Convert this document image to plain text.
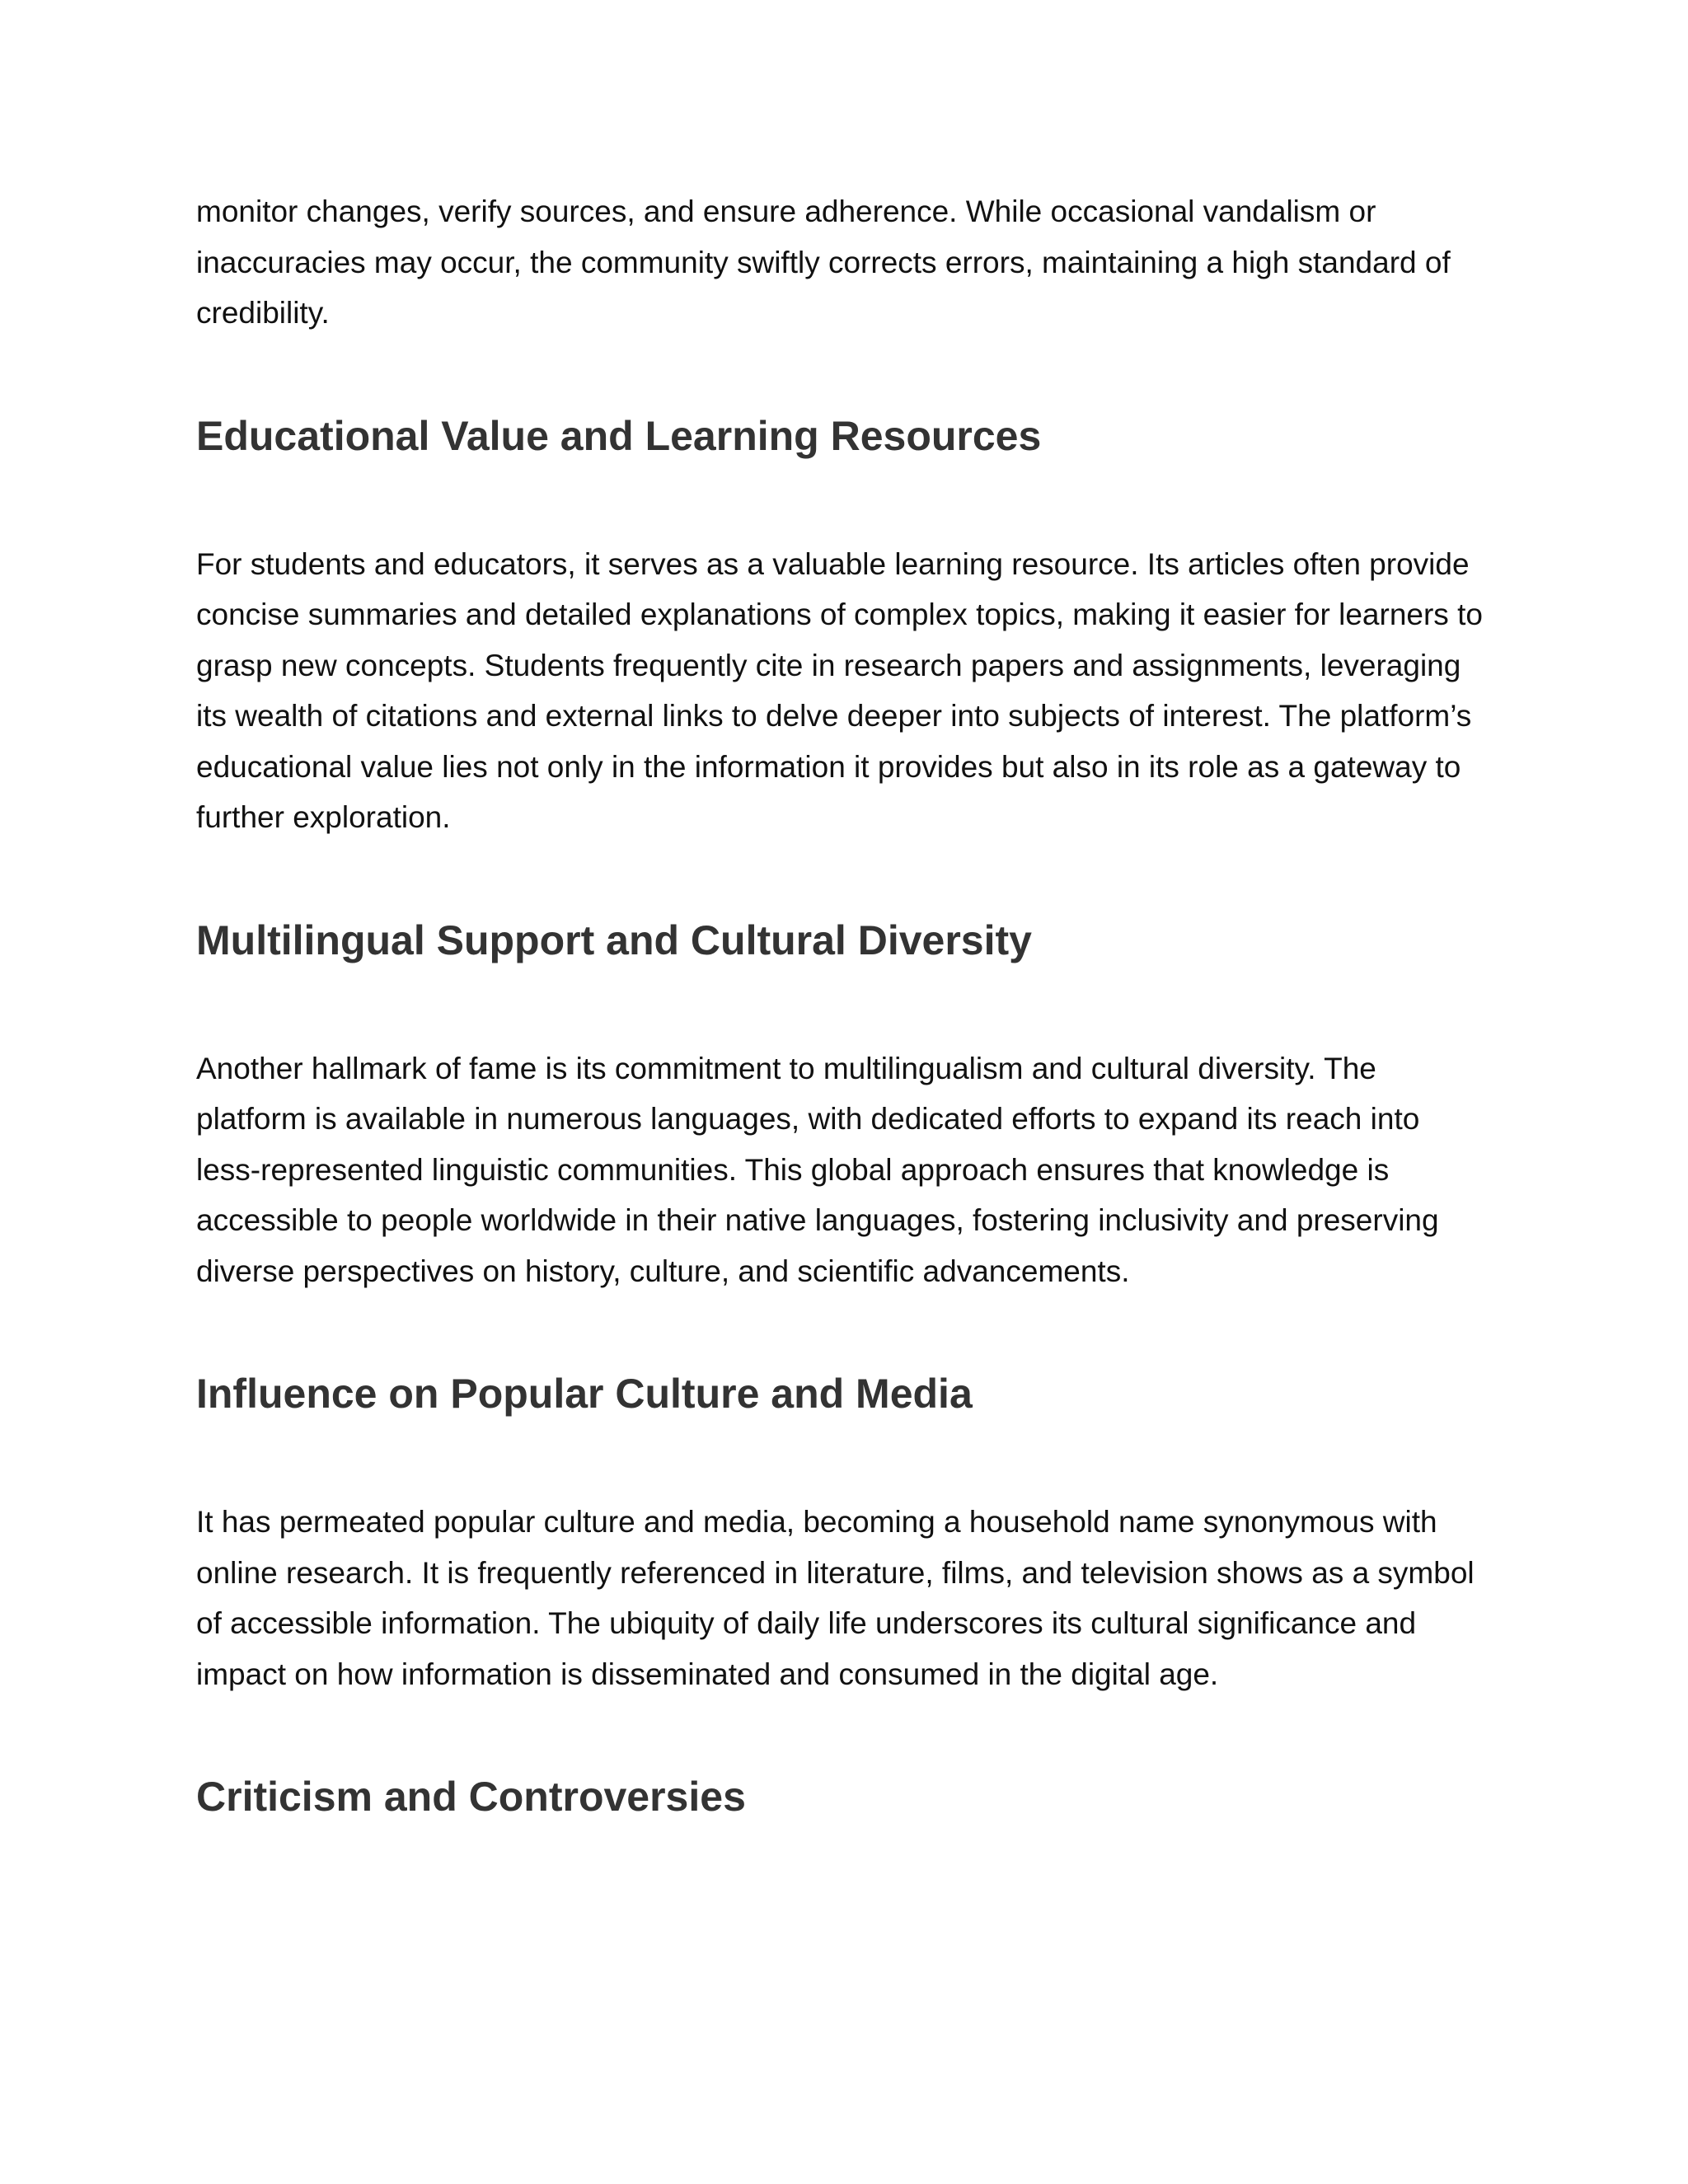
monitor changes, verify sources, and ensure adherence. While occasional vandalism or inaccuracies may occur, the community swiftly corrects errors, maintaining a high standard of credibility.

Educational Value and Learning Resources

For students and educators, it serves as a valuable learning resource. Its articles often provide concise summaries and detailed explanations of complex topics, making it easier for learners to grasp new concepts. Students frequently cite in research papers and assignments, leveraging its wealth of citations and external links to delve deeper into subjects of interest. The platform’s educational value lies not only in the information it provides but also in its role as a gateway to further exploration.

Multilingual Support and Cultural Diversity

Another hallmark of fame is its commitment to multilingualism and cultural diversity. The platform is available in numerous languages, with dedicated efforts to expand its reach into less-represented linguistic communities. This global approach ensures that knowledge is accessible to people worldwide in their native languages, fostering inclusivity and preserving diverse perspectives on history, culture, and scientific advancements.

Influence on Popular Culture and Media

It has permeated popular culture and media, becoming a household name synonymous with online research. It is frequently referenced in literature, films, and television shows as a symbol of accessible information. The ubiquity of daily life underscores its cultural significance and impact on how information is disseminated and consumed in the digital age.

Criticism and Controversies
